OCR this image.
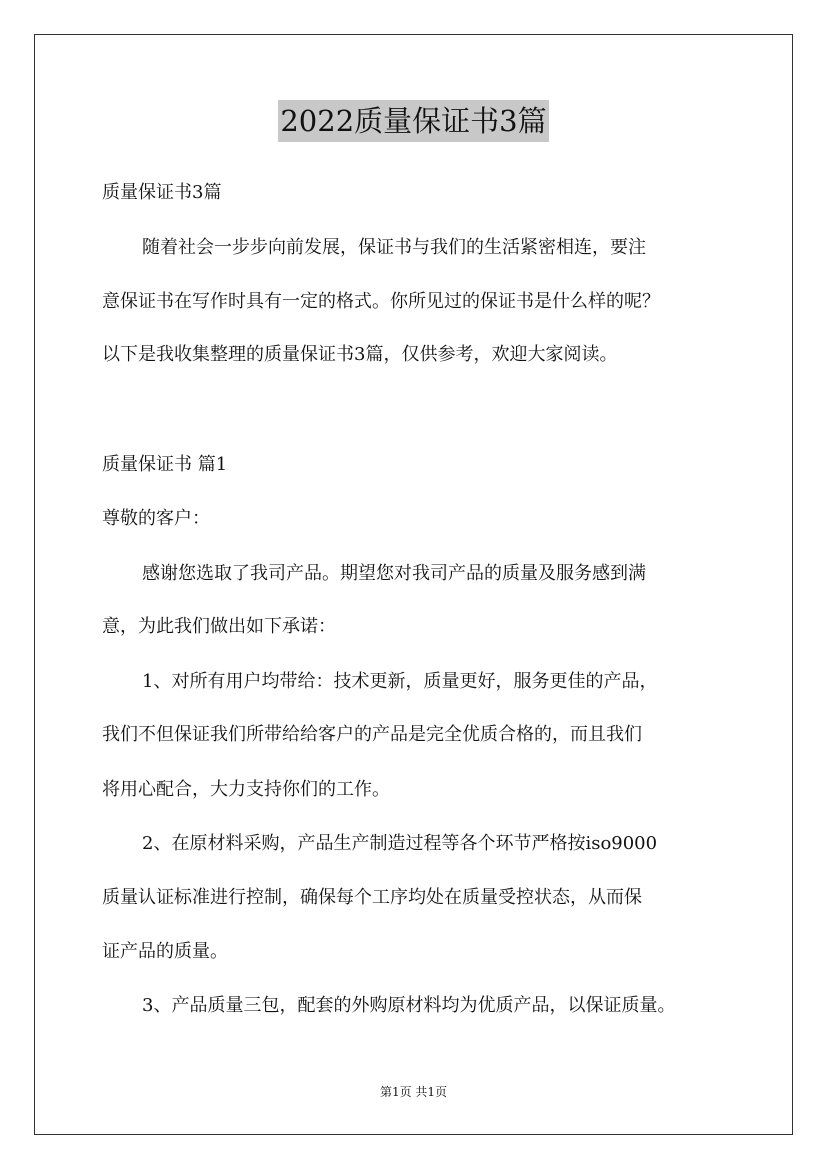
2022质量保证书3篇
质量保证书3篇
随着社会一步步向前发展，保证书与我们的生活紧密相连，要注
意保证书在写作时具有一定的格式。你所见过的保证书是什么样的呢？
以下是我收集整理的质量保证书3篇，仅供参考，欢迎大家阅读。
质量保证书 篇1
尊敬的客户：
感谢您选取了我司产品。期望您对我司产品的质量及服务感到满
意，为此我们做出如下承诺：
1、对所有用户均带给：技术更新，质量更好，服务更佳的产品，
我们不但保证我们所带给给客户的产品是完全优质合格的，而且我们
将用心配合，大力支持你们的工作。
2、在原材料采购，产品生产制造过程等各个环节严格按iso9000
质量认证标准进行控制，确保每个工序均处在质量受控状态，从而保
证产品的质量。
3、产品质量三包，配套的外购原材料均为优质产品，以保证质量。
第1页 共1页
